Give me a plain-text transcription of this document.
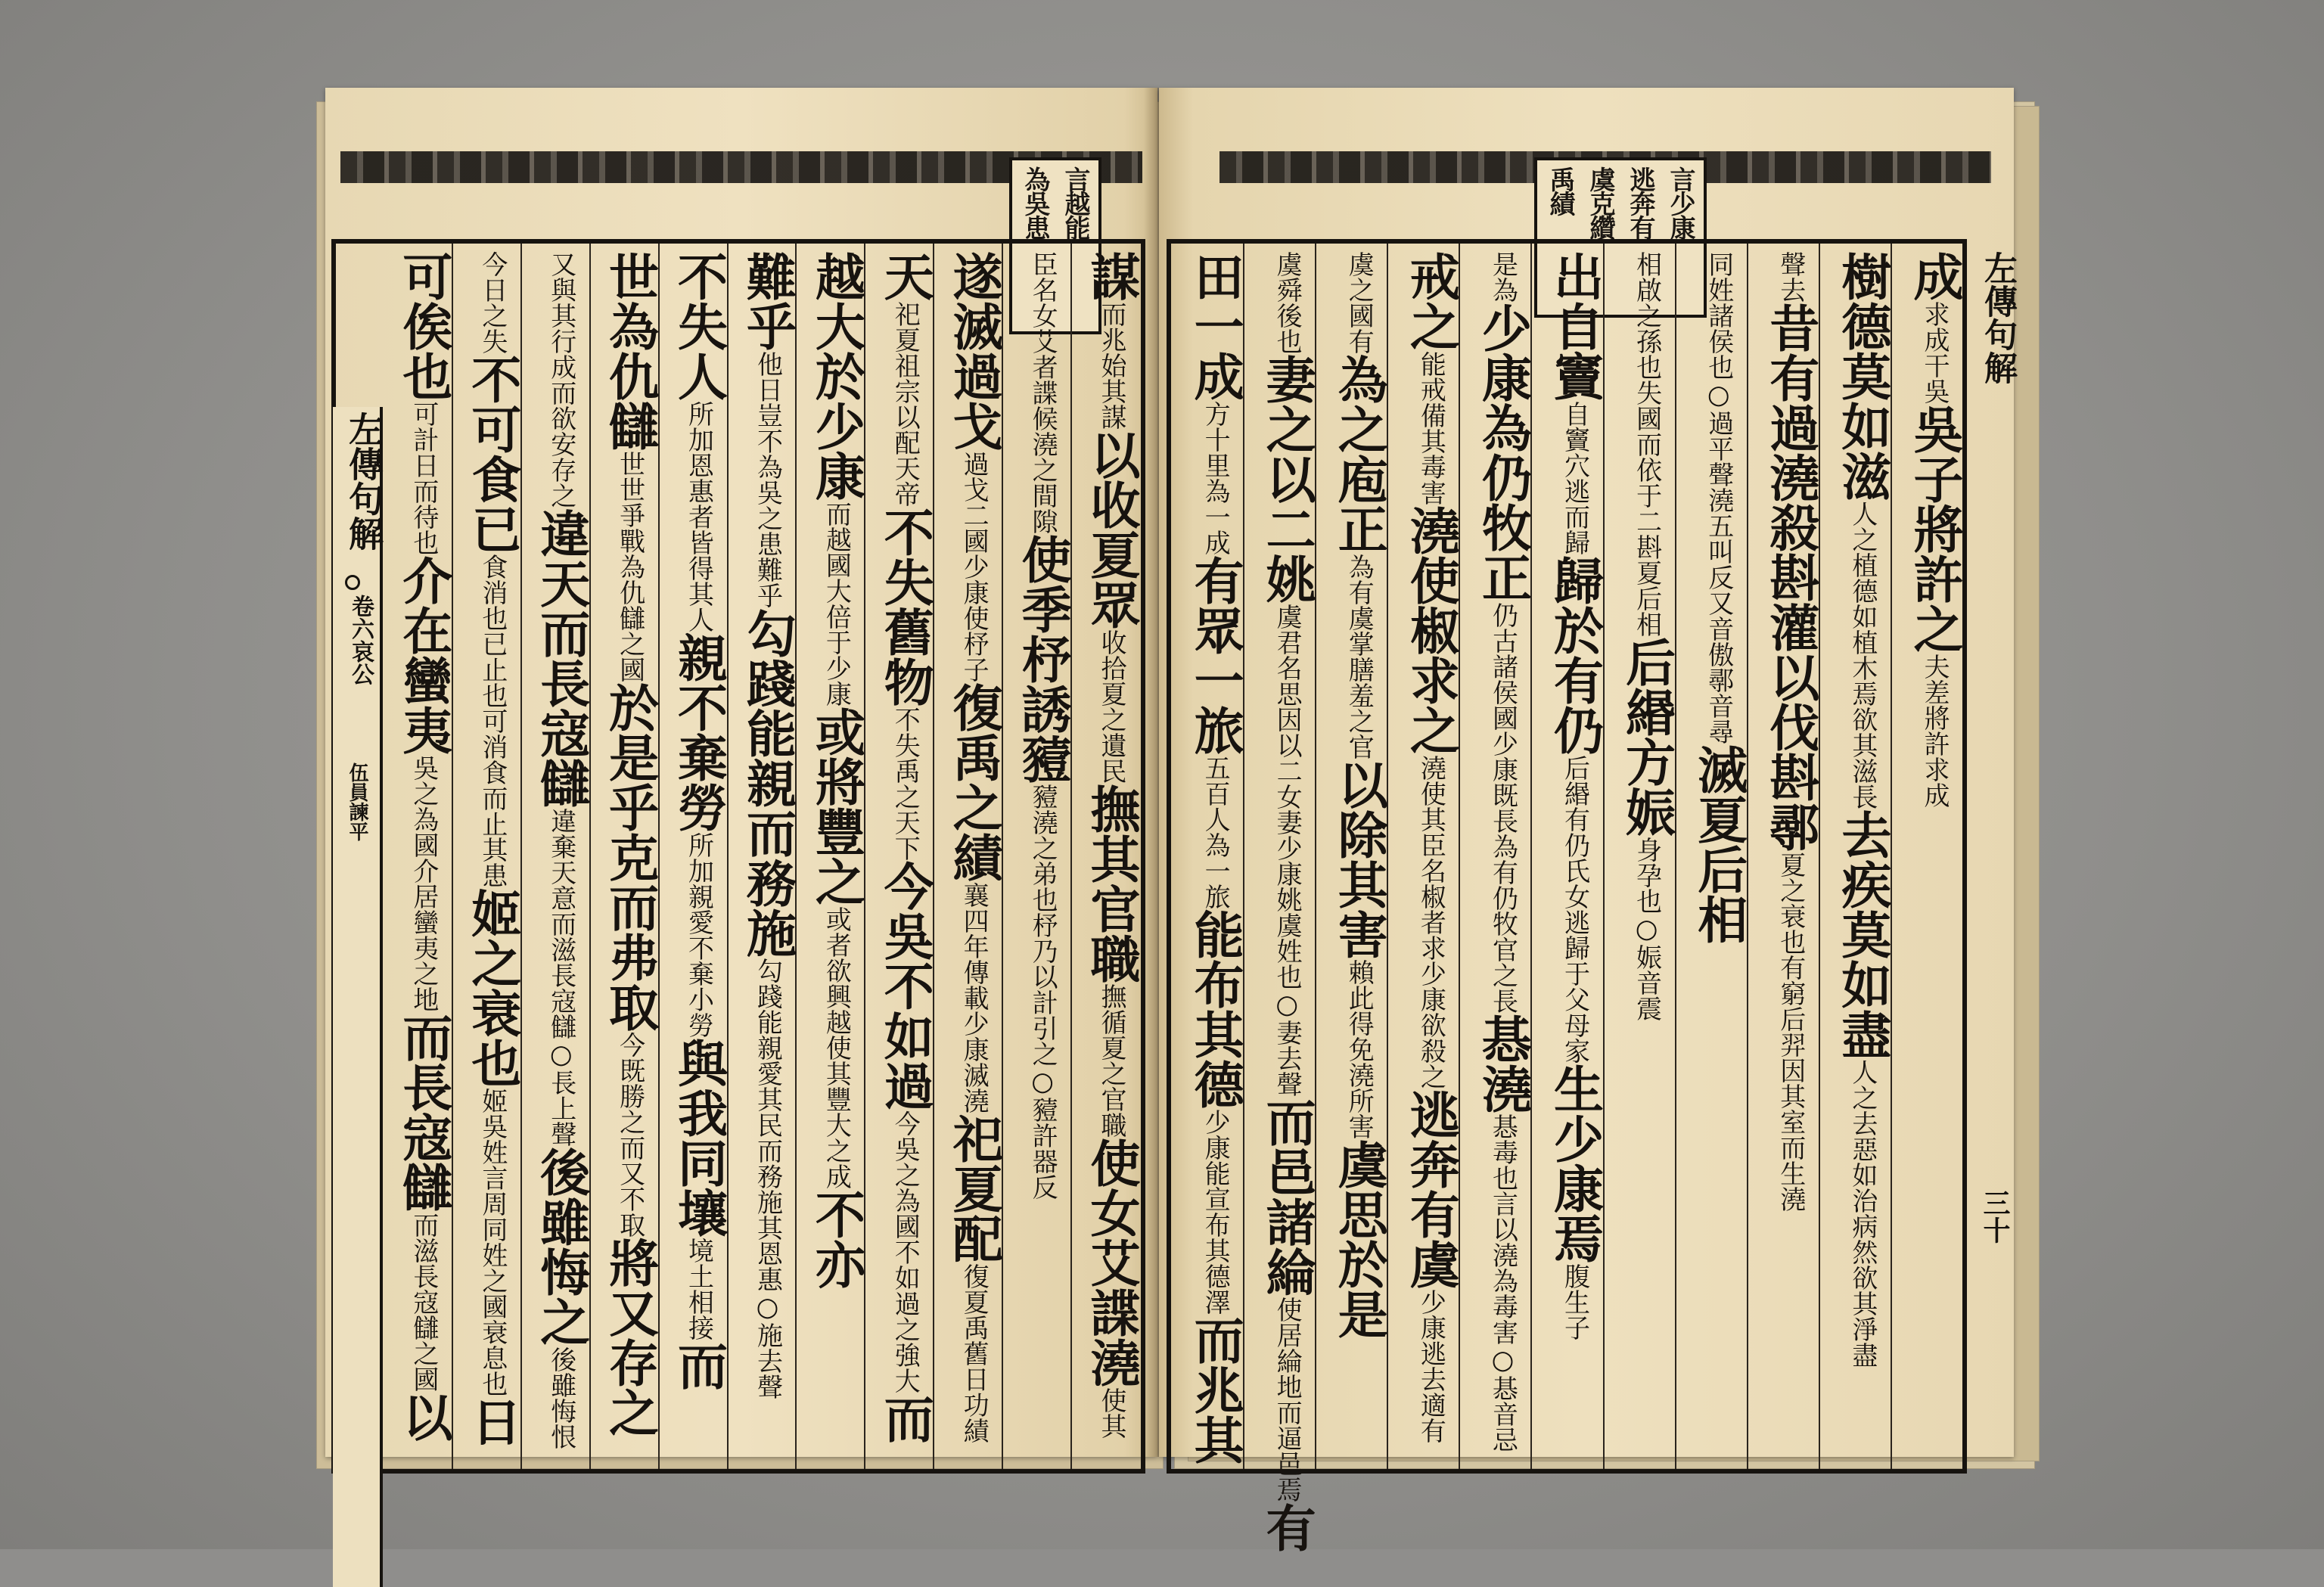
言越能
為吳患
謀而兆始其謀以收夏眾收拾夏之遺民撫其官職撫循夏之官職使女艾諜澆使其
臣名女艾者諜候澆之間隙使季杼誘豷豷澆之弟也杼乃以計引之○豷許器反
遂滅過戈過戈二國少康使杼子復禹之績襄四年傳載少康滅澆祀夏配復夏禹舊日功績
天祀夏祖宗以配天帝不失舊物不失禹之天下今吳不如過今吳之為國不如過之強大而
越大於少康而越國大倍于少康或將豐之或者欲興越使其豐大之成不亦
難乎他日豈不為吳之患難乎勾踐能親而務施勾踐能親愛其民而務施其恩惠○施去聲
不失人所加恩惠者皆得其人親不棄勞所加親愛不棄小勞與我同壤境土相接而
世為仇讎世世爭戰為仇讎之國於是乎克而弗取今既勝之而又不取將又存之
又與其行成而欲安存之違天而長寇讎違棄天意而滋長寇讎○長上聲後雖悔之後雖悔恨
今日之失不可食已食消也已止也可消食而止其患姬之衰也姬吳姓言周同姓之國衰息也日
可俟也可計日而待也介在蠻夷吳之為國介居蠻夷之地而長寇讎而滋長寇讎之國以
左傳句解
卷六哀公
伍員諫平
言少康
逃奔有
虞克纘
禹績
成求成干吳吳子將許之夫差將許求成
樹德莫如滋人之植德如植木焉欲其滋長去疾莫如盡人之去惡如治病然欲其淨盡
聲去昔有過澆殺斟灌以伐斟鄩夏之衰也有窮后羿因其室而生澆
同姓諸侯也○過平聲澆五叫反又音傲鄩音尋滅夏后相
相啟之孫也失國而依于二斟夏后相后緡方娠身孕也○娠音震
出自竇自竇穴逃而歸歸於有仍后緡有仍氏女逃歸于父母家生少康焉腹生子
是為少康為仍牧正仍古諸侯國少康既長為有仍牧官之長惎澆惎毒也言以澆為毒害○惎音忌
戒之能戒備其毒害澆使椒求之澆使其臣名椒者求少康欲殺之逃奔有虞少康逃去適有
虞之國有為之庖正為有虞掌膳羞之官以除其害賴此得免澆所害虞思於是
虞舜後也妻之以二姚虞君名思因以二女妻少康姚虞姓也○妻去聲而邑諸綸使居綸地而逼邑焉有
田一成方十里為一成有眾一旅五百人為一旅能布其德少康能宣布其德澤而兆其
左傳句解
三十
